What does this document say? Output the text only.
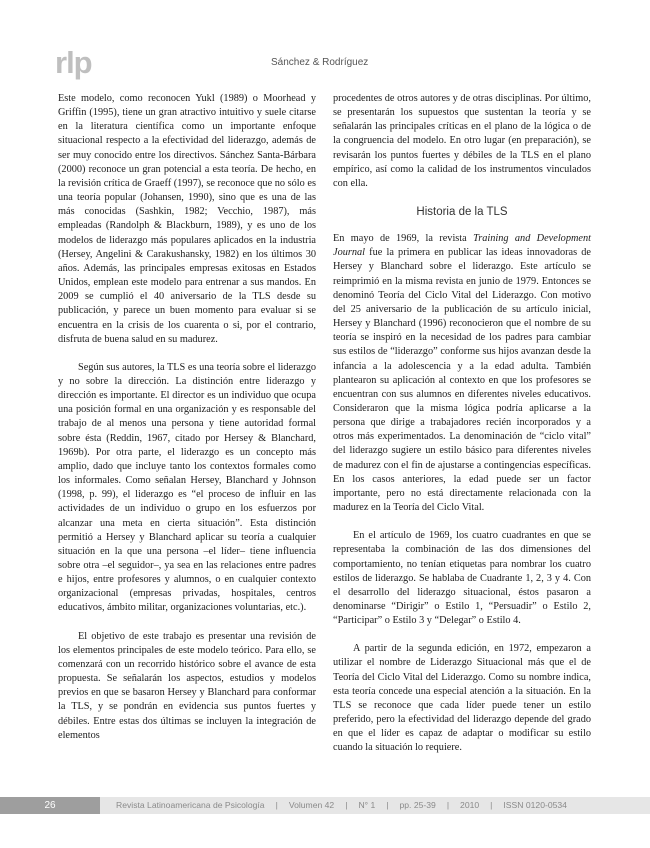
rlp	Sánchez & Rodríguez

Este modelo, como reconocen Yukl (1989) o Moorhead y Griffin (1995), tiene un gran atractivo intuitivo y suele citarse en la literatura científica como un importante enfoque situacional respecto a la efectividad del liderazgo, además de ser muy conocido entre los directivos. Sánchez Santa-Bárbara (2000) reconoce un gran potencial a esta teoría. De hecho, en la revisión crítica de Graeff (1997), se reconoce que no sólo es una teoría popular (Johansen, 1990), sino que es una de las más conocidas (Sashkin, 1982; Vecchio, 1987), más empleadas (Randolph & Blackburn, 1989), y es uno de los modelos de liderazgo más populares aplicados en la industria (Hersey, Angelini & Carakushansky, 1982) en los últimos 30 años. Además, las principales empresas exitosas en Estados Unidos, emplean este modelo para entrenar a sus mandos. En 2009 se cumplió el 40 aniversario de la TLS desde su publicación, y parece un buen momento para evaluar si se encuentra en la crisis de los cuarenta o si, por el contrario, disfruta de buena salud en su madurez.

Según sus autores, la TLS es una teoría sobre el liderazgo y no sobre la dirección. La distinción entre liderazgo y dirección es importante. El director es un individuo que ocupa una posición formal en una organización y es responsable del trabajo de al menos una persona y tiene autoridad formal sobre ésta (Reddin, 1967, citado por Hersey & Blanchard, 1969b). Por otra parte, el liderazgo es un concepto más amplio, dado que incluye tanto los contextos formales como los informales. Como señalan Hersey, Blanchard y Johnson (1998, p. 99), el liderazgo es “el proceso de influir en las actividades de un individuo o grupo en los esfuerzos por alcanzar una meta en cierta situación”. Esta distinción permitió a Hersey y Blanchard aplicar su teoría a cualquier situación en la que una persona –el líder– tiene influencia sobre otra –el seguidor–, ya sea en las relaciones entre padres e hijos, entre profesores y alumnos, o en cualquier contexto organizacional (empresas privadas, hospitales, centros educativos, ámbito militar, organizaciones voluntarias, etc.).

El objetivo de este trabajo es presentar una revisión de los elementos principales de este modelo teórico. Para ello, se comenzará con un recorrido histórico sobre el avance de esta propuesta. Se señalarán los aspectos, estudios y modelos previos en que se basaron Hersey y Blanchard para conformar la TLS, y se pondrán en evidencia sus puntos fuertes y débiles. Entre estas dos últimas se incluyen la integración de elementos

procedentes de otros autores y de otras disciplinas. Por último, se presentarán los supuestos que sustentan la teoría y se señalarán las principales críticas en el plano de la lógica o de la congruencia del modelo. En otro lugar (en preparación), se revisarán los puntos fuertes y débiles de la TLS en el plano empírico, así como la calidad de los instrumentos vinculados con ella.

Historia de la TLS

En mayo de 1969, la revista Training and Development Journal fue la primera en publicar las ideas innovadoras de Hersey y Blanchard sobre el liderazgo. Este artículo se reimprimió en la misma revista en junio de 1979. Entonces se denominó Teoría del Ciclo Vital del Liderazgo. Con motivo del 25 aniversario de la publicación de su artículo inicial, Hersey y Blanchard (1996) reconocieron que el nombre de su teoría se inspiró en la necesidad de los padres para cambiar sus estilos de “liderazgo” conforme sus hijos avanzan desde la infancia a la adolescencia y a la edad adulta. También plantearon su aplicación al contexto en que los profesores se encuentran con sus alumnos en diferentes niveles educativos. Consideraron que la misma lógica podría aplicarse a la persona que dirige a trabajadores recién incorporados y a otros más experimentados. La denominación de “ciclo vital” del liderazgo sugiere un estilo básico para diferentes niveles de madurez con el fin de ajustarse a contingencias específicas. En los casos anteriores, la edad puede ser un factor importante, pero no está directamente relacionada con la madurez en la Teoría del Ciclo Vital.

En el artículo de 1969, los cuatro cuadrantes en que se representaba la combinación de las dos dimensiones del comportamiento, no tenían etiquetas para nombrar los cuatro estilos de liderazgo. Se hablaba de Cuadrante 1, 2, 3 y 4. Con el desarrollo del liderazgo situacional, éstos pasaron a denominarse “Dirigir” o Estilo 1, “Persuadir” o Estilo 2, “Participar” o Estilo 3 y “Delegar” o Estilo 4.

A partir de la segunda edición, en 1972, empezaron a utilizar el nombre de Liderazgo Situacional más que el de Teoría del Ciclo Vital del Liderazgo. Como su nombre indica, esta teoría concede una especial atención a la situación. En la TLS se reconoce que cada líder puede tener un estilo preferido, pero la efectividad del liderazgo depende del grado en que el líder es capaz de adaptar o modificar su estilo cuando la situación lo requiere.

26	Revista Latinoamericana de Psicología | Volumen 42 | N° 1 | pp. 25-39 | 2010 | ISSN 0120-0534
